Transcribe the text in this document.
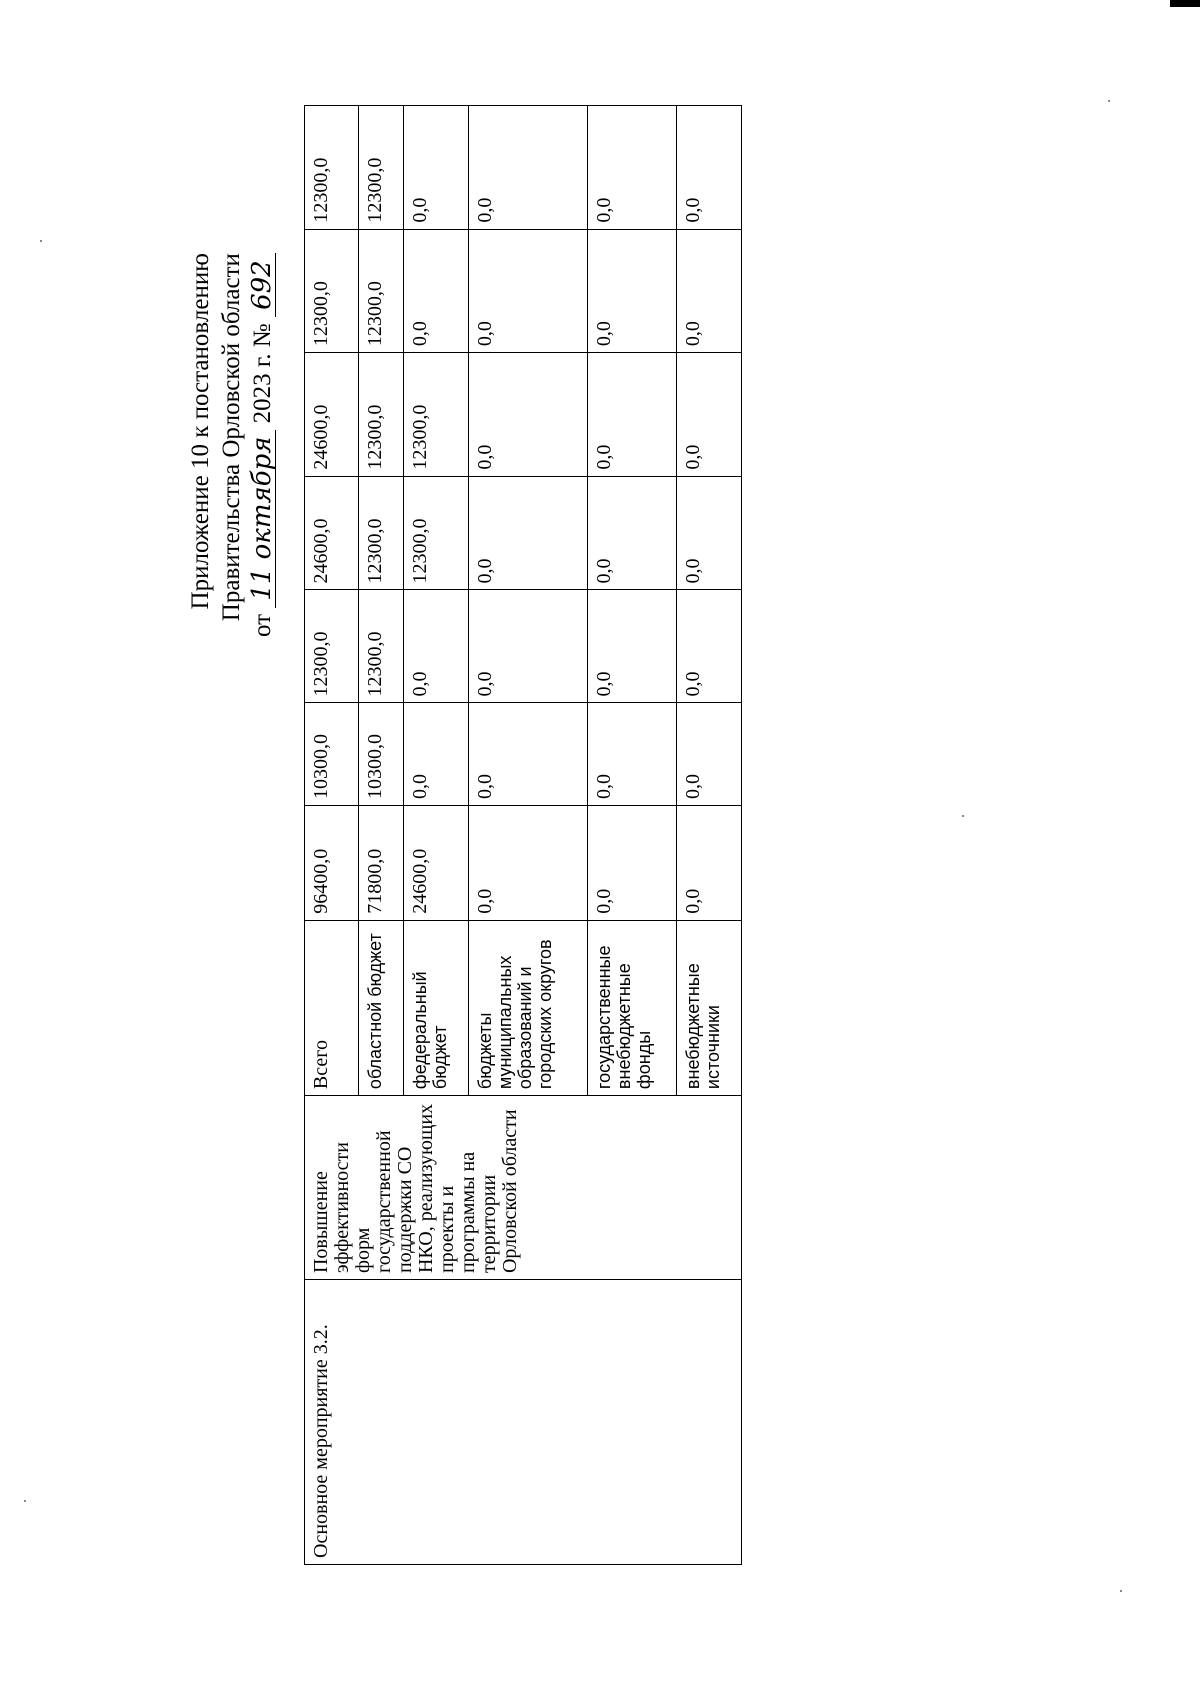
Приложение 10 к постановлению Правительства Орловской области
от 11 октября 2023 г. № 692
Основное мероприятие 3.2.	Повышение эффективности форм государственной поддержки СО НКО, реализующих проекты и программы на территории Орловской области	Всего	96400,0	10300,0	12300,0	24600,0	24600,0	12300,0	12300,0
		областной бюджет	71800,0	10300,0	12300,0	12300,0	12300,0	12300,0	12300,0
		федеральный бюджет	24600,0	0,0	0,0	12300,0	12300,0	0,0	0,0
		бюджеты муниципальных образований и городских округов	0,0	0,0	0,0	0,0	0,0	0,0	0,0
		государственные внебюджетные фонды	0,0	0,0	0,0	0,0	0,0	0,0	0,0
		внебюджетные источники	0,0	0,0	0,0	0,0	0,0	0,0	0,0
